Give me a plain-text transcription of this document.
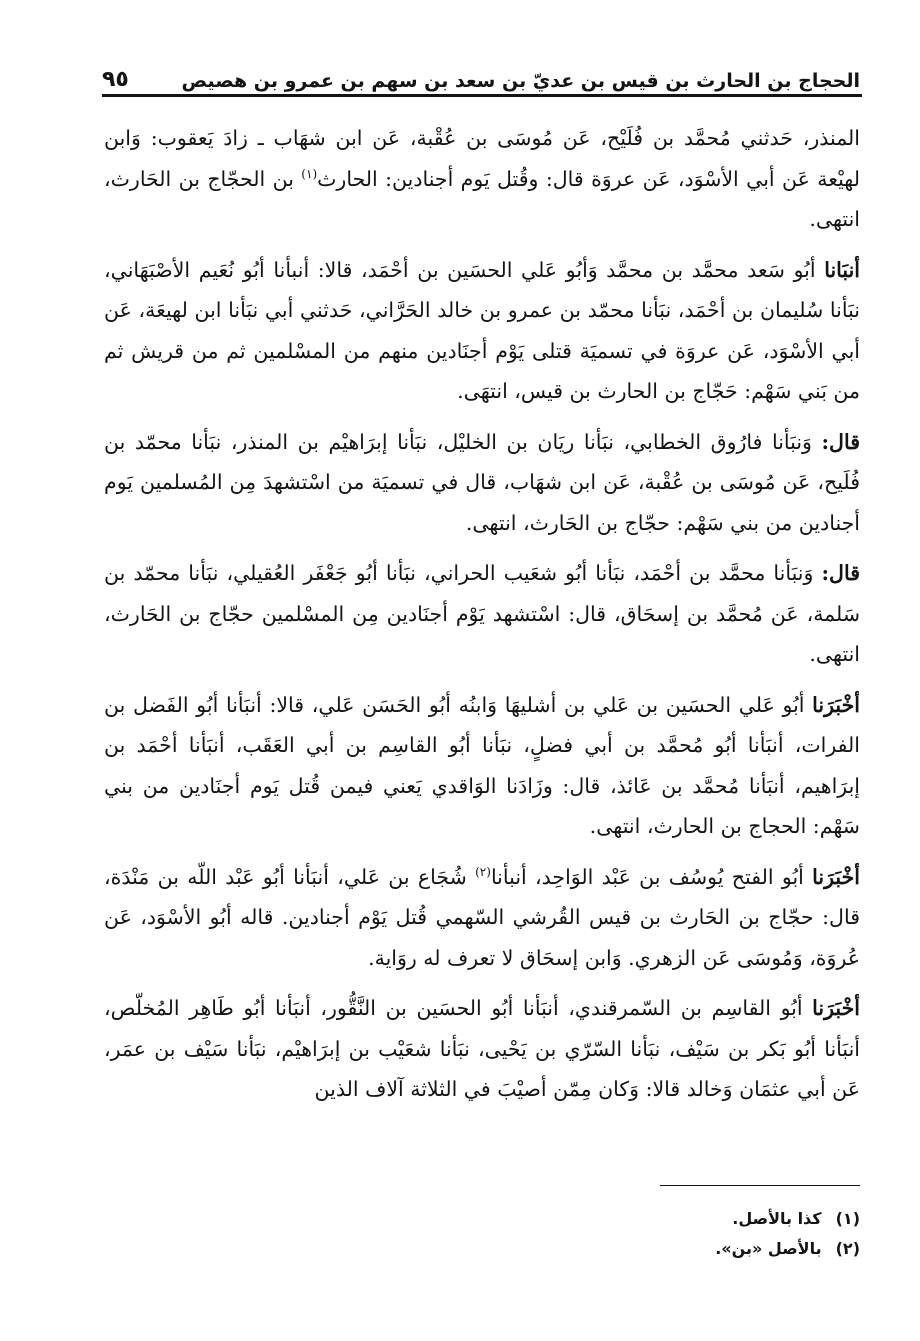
الحجاج بن الحارث بن قيس بن عديّ بن سعد بن سهم بن عمرو بن هصيص
٩٥

المنذر، حَدثني مُحمَّد بن فُلَيْح، عَن مُوسَى بن عُقْبة، عَن ابن شهَاب ـ زادَ يَعقوب: وَابن لهيْعة عَن أبي الأسْوَد، عَن عروَة قال: وقُتل يَوم أجنادين: الحارث$^{(١)}$ بن الحجّاج بن الحَارث، انتهى.

أنبَانا أبُو سَعد محمَّد بن محمَّد وَأبُو عَلي الحسَين بن أحْمَد، قالا: أنبأنا أبُو نُعَيم الأصْبَهَاني، نبَأنا سُليمان بن أحْمَد، نبَأنا محمّد بن عمرو بن خالد الحَرَّاني، حَدثني أبي نبَأنا ابن لهيعَة، عَن أبي الأسْوَد، عَن عروَة في تسميَة قتلى يَوْم أجنَادين منهم من المسْلمين ثم من قريش ثم من بَني سَهْم: حَجّاج بن الحارث بن قيس، انتهَى.

قال: وَنبَأنا فارُوق الخطابي، نبَأنا ريَان بن الخليْل، نبَأنا إبرَاهيْم بن المنذر، نبَأنا محمّد بن فُلَيح، عَن مُوسَى بن عُقْبة، عَن ابن شهَاب، قال في تسميَة من اسْتشهدَ مِن المُسلمين يَوم أجنادين من بني سَهْم: حجّاج بن الحَارث، انتهى.

قال: وَنبَأنا محمَّد بن أحْمَد، نبَأنا أبُو شعَيب الحراني، نبَأنا أبُو جَعْفَر العُقيلي، نبَأنا محمّد بن سَلمة، عَن مُحمَّد بن إسحَاق، قال: اسْتشهد يَوْم أجنَادين مِن المسْلمين حجّاج بن الحَارث، انتهى.

أخْبَرَنا أبُو عَلي الحسَين بن عَلي بن أشليهَا وَابنُه أبُو الحَسَن عَلي، قالا: أنبَأنا أبُو الفَضل بن الفرات، أنبَأنا أبُو مُحمَّد بن أبي فضلٍ، نبَأنا أبُو القاسِم بن أبي العَقَب، أنبَأنا أحْمَد بن إبرَاهيم، أنبَأنا مُحمَّد بن عَائذ، قال: وزَادَنا الوَاقدي يَعني فيمن قُتل يَوم أجنَادين من بني سَهْم: الحجاج بن الحارث، انتهى.

أخْبَرَنا أبُو الفتح يُوسُف بن عَبْد الوَاحِد، أنبأنا$^{(٢)}$ شُجَاع بن عَلي، أنبَأنا أبُو عَبْد اللّه بن مَنْدَة، قال: حجّاج بن الحَارث بن قيس القُرشي السّهمي قُتل يَوْم أجنادين. قاله أبُو الأسْوَد، عَن عُروَة، وَمُوسَى عَن الزهري. وَابن إسحَاق لا تعرف له روَاية.

أخْبَرَنا أبُو القاسِم بن السّمرقندي، أنبَأنا أبُو الحسَين بن النَّقُّور، أنبَأنا أبُو طَاهِر المُخلّص، أنبَأنا أبُو بَكر بن سَيْف، نبَأنا السّرّي بن يَحْيى، نبَأنا شعَيْب بن إبرَاهيْم، نبَأنا سَيْف بن عمَر، عَن أبي عثمَان وَخالد قالا: وَكان مِمّن أصيْبَ في الثلاثة آلاف الذين

(١)
كذا بالأصل.
(٢)
بالأصل «بن».
